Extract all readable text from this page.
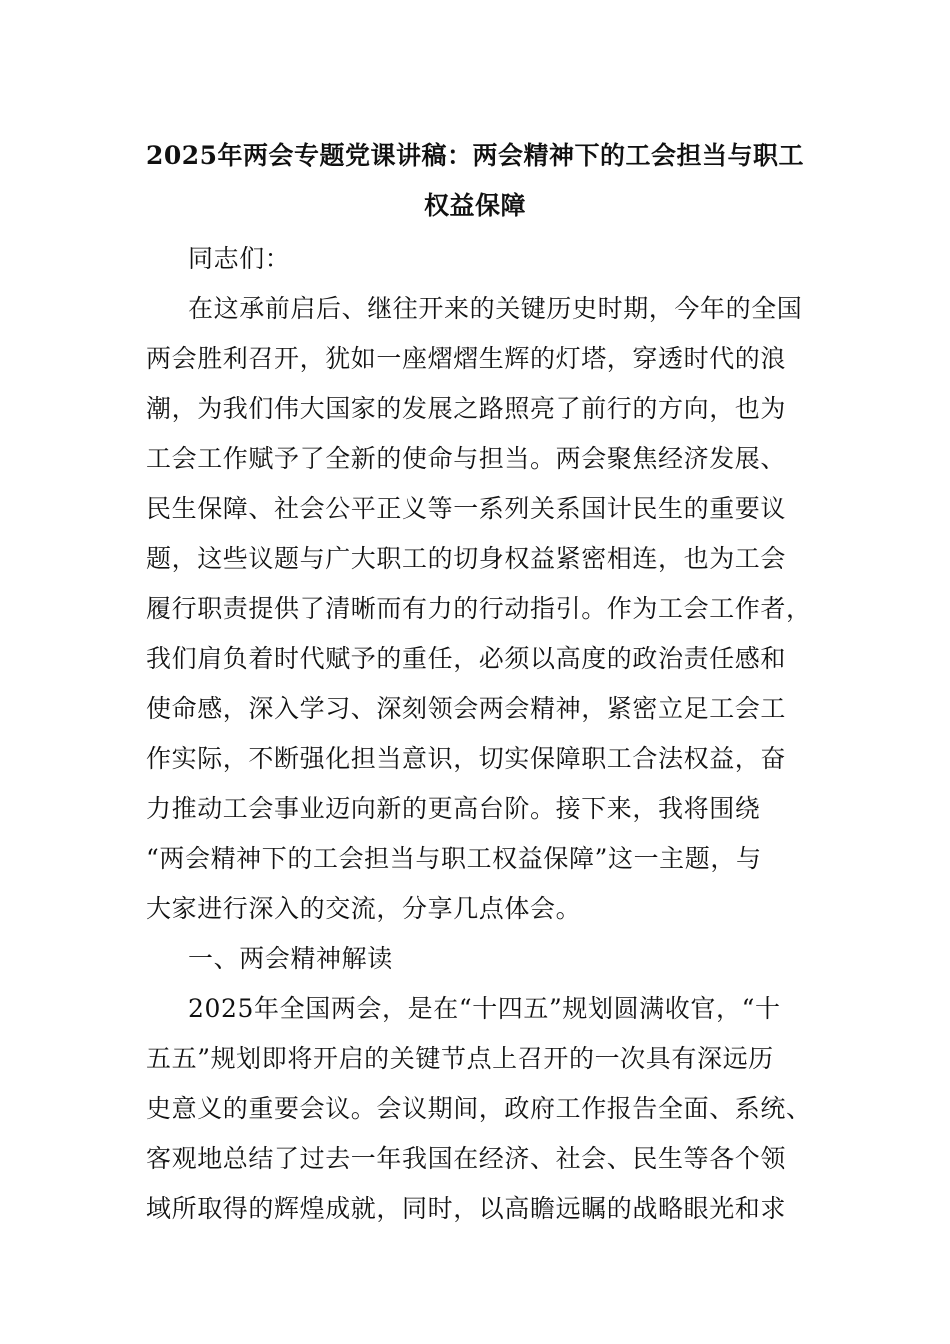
2025年两会专题党课讲稿：两会精神下的工会担当与职工
权益保障
同志们：
在这承前启后、继往开来的关键历史时期，今年的全国
两会胜利召开，犹如一座熠熠生辉的灯塔，穿透时代的浪
潮，为我们伟大国家的发展之路照亮了前行的方向，也为
工会工作赋予了全新的使命与担当。两会聚焦经济发展、
民生保障、社会公平正义等一系列关系国计民生的重要议
题，这些议题与广大职工的切身权益紧密相连，也为工会
履行职责提供了清晰而有力的行动指引。作为工会工作者，
我们肩负着时代赋予的重任，必须以高度的政治责任感和
使命感，深入学习、深刻领会两会精神，紧密立足工会工
作实际，不断强化担当意识，切实保障职工合法权益，奋
力推动工会事业迈向新的更高台阶。接下来，我将围绕
“两会精神下的工会担当与职工权益保障”这一主题，与
大家进行深入的交流，分享几点体会。
一、两会精神解读
2025年全国两会，是在“十四五”规划圆满收官，“十
五五”规划即将开启的关键节点上召开的一次具有深远历
史意义的重要会议。会议期间，政府工作报告全面、系统、
客观地总结了过去一年我国在经济、社会、民生等各个领
域所取得的辉煌成就，同时，以高瞻远瞩的战略眼光和求
